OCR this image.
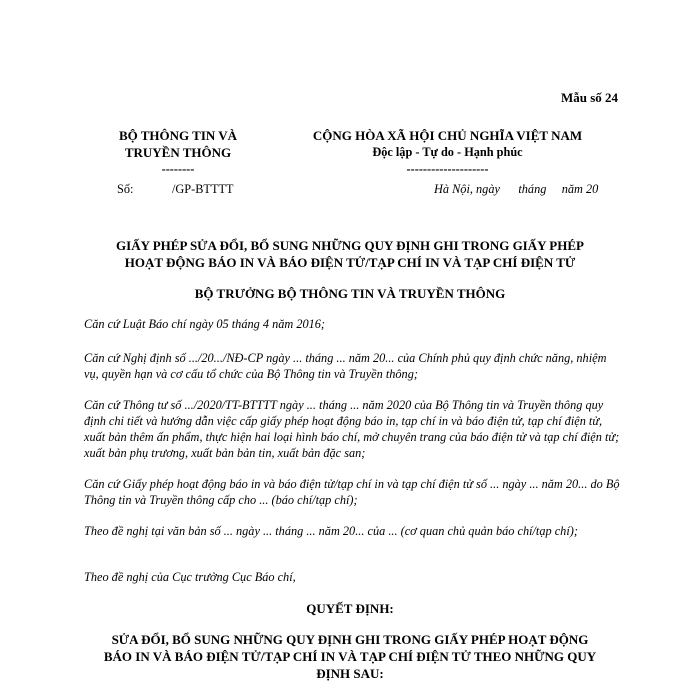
Mẫu số 24
BỘ THÔNG TIN VÀ
TRUYỀN THÔNG
--------
CỘNG HÒA XÃ HỘI CHỦ NGHĨA VIỆT NAM
Độc lập - Tự do - Hạnh phúc
--------------------
Số:	/GP-BTTTT	Hà Nội, ngày      tháng     năm 20
GIẤY PHÉP SỬA ĐỔI, BỔ SUNG NHỮNG QUY ĐỊNH GHI TRONG GIẤY PHÉP
HOẠT ĐỘNG BÁO IN VÀ BÁO ĐIỆN TỬ/TẠP CHÍ IN VÀ TẠP CHÍ ĐIỆN TỬ
BỘ TRƯỞNG BỘ THÔNG TIN VÀ TRUYỀN THÔNG
Căn cứ Luật Báo chí ngày 05 tháng 4 năm 2016;
Căn cứ Nghị định số .../20.../NĐ-CP ngày ... tháng ... năm 20... của Chính phủ quy định chức năng, nhiệm vụ, quyền hạn và cơ cấu tổ chức của Bộ Thông tin và Truyền thông;
Căn cứ Thông tư số .../2020/TT-BTTTT ngày ... tháng ... năm 2020 của Bộ Thông tin và Truyền thông quy định chi tiết và hướng dẫn việc cấp giấy phép hoạt động báo in, tạp chí in và báo điện tử, tạp chí điện tử, xuất bản thêm ấn phẩm, thực hiện hai loại hình báo chí, mở chuyên trang của báo điện tử và tạp chí điện tử; xuất bản phụ trương, xuất bản bản tin, xuất bản đặc san;
Căn cứ Giấy phép hoạt động báo in và báo điện tử/tạp chí in và tạp chí điện tử số ... ngày ... năm 20... do Bộ Thông tin và Truyền thông cấp cho ... (báo chí/tạp chí);
Theo đề nghị tại văn bản số ... ngày ... tháng ... năm 20... của ... (cơ quan chủ quản báo chí/tạp chí);
Theo đề nghị của Cục trưởng Cục Báo chí,
QUYẾT ĐỊNH:
SỬA ĐỔI, BỔ SUNG NHỮNG QUY ĐỊNH GHI TRONG GIẤY PHÉP HOẠT ĐỘNG
BÁO IN VÀ BÁO ĐIỆN TỬ/TẠP CHÍ IN VÀ TẠP CHÍ ĐIỆN TỬ THEO NHỮNG QUY
ĐỊNH SAU:
